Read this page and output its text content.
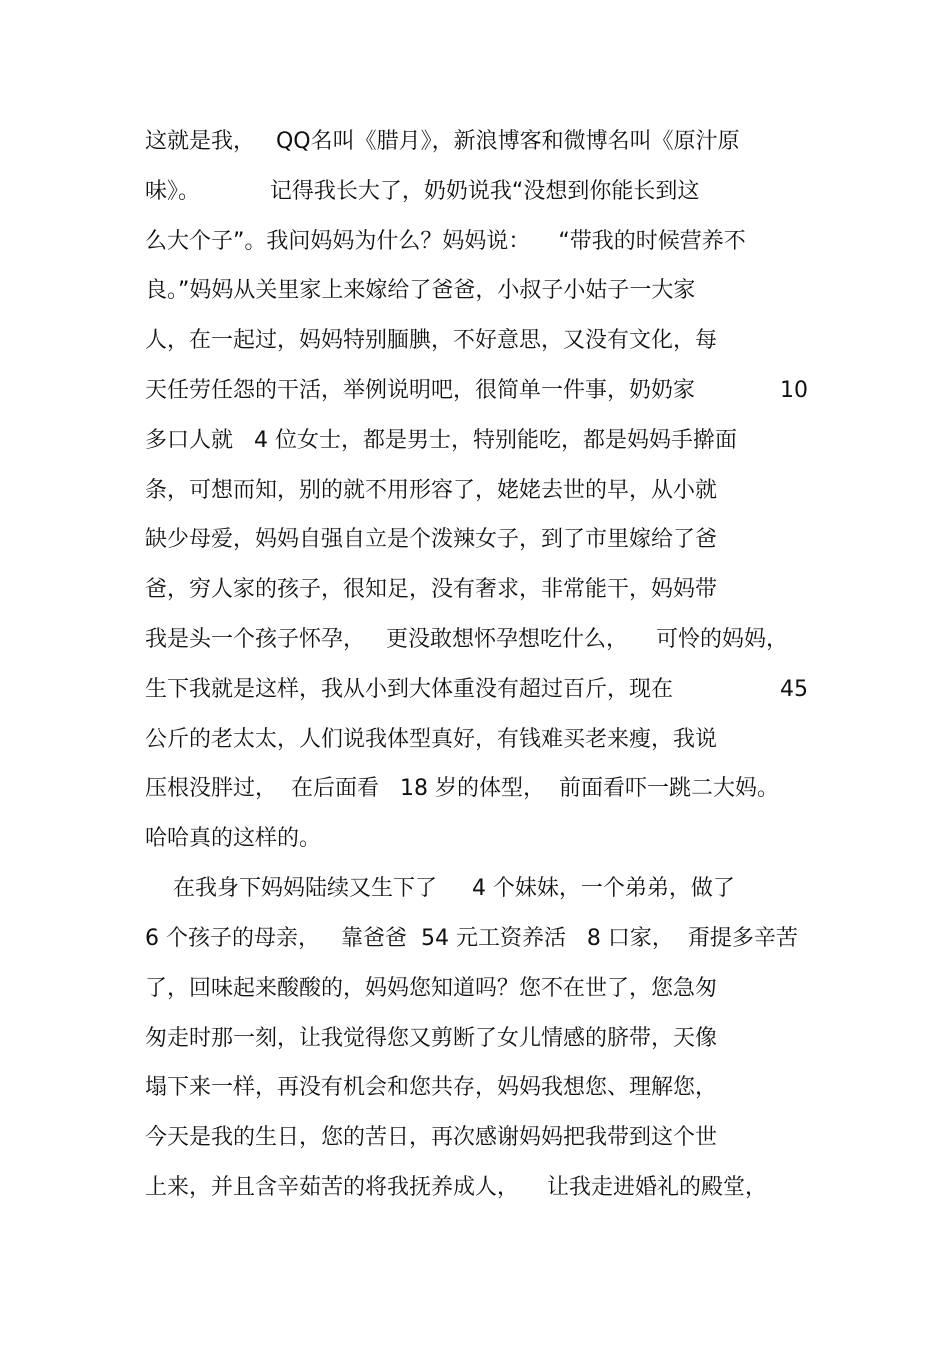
这就是我，   QQ名叫《腊月》，新浪博客和微博名叫《原汁原
味》。          记得我长大了，奶奶说我“没想到你能长到这
么大个子”。我问妈妈为什么？妈妈说：    “带我的时候营养不
良。”妈妈从关里家上来嫁给了爸爸，小叔子小姑子一大家
人，在一起过，妈妈特别腼腆，不好意思，又没有文化，每
天任劳任怨的干活，举例说明吧，很简单一件事，奶奶家	10
多口人就   4 位女士，都是男士，特别能吃，都是妈妈手擀面
条，可想而知，别的就不用形容了，姥姥去世的早，从小就
缺少母爱，妈妈自强自立是个泼辣女子，到了市里嫁给了爸
爸，穷人家的孩子，很知足，没有奢求，非常能干，妈妈带
我是头一个孩子怀孕，   更没敢想怀孕想吃什么，    可怜的妈妈，
生下我就是这样，我从小到大体重没有超过百斤，现在	45
公斤的老太太，人们说我体型真好，有钱难买老来瘦，我说
压根没胖过，  在后面看   18 岁的体型，  前面看吓一跳二大妈。
哈哈真的这样的。
在我身下妈妈陆续又生下了     4 个妹妹，一个弟弟，做了
6 个孩子的母亲，   靠爸爸  54 元工资养活   8 口家，  甭提多辛苦
了，回味起来酸酸的，妈妈您知道吗？您不在世了，您急匆
匆走时那一刻，让我觉得您又剪断了女儿情感的脐带，天像
塌下来一样，再没有机会和您共存，妈妈我想您、理解您，
今天是我的生日，您的苦日，再次感谢妈妈把我带到这个世
上来，并且含辛茹苦的将我抚养成人，    让我走进婚礼的殿堂，
